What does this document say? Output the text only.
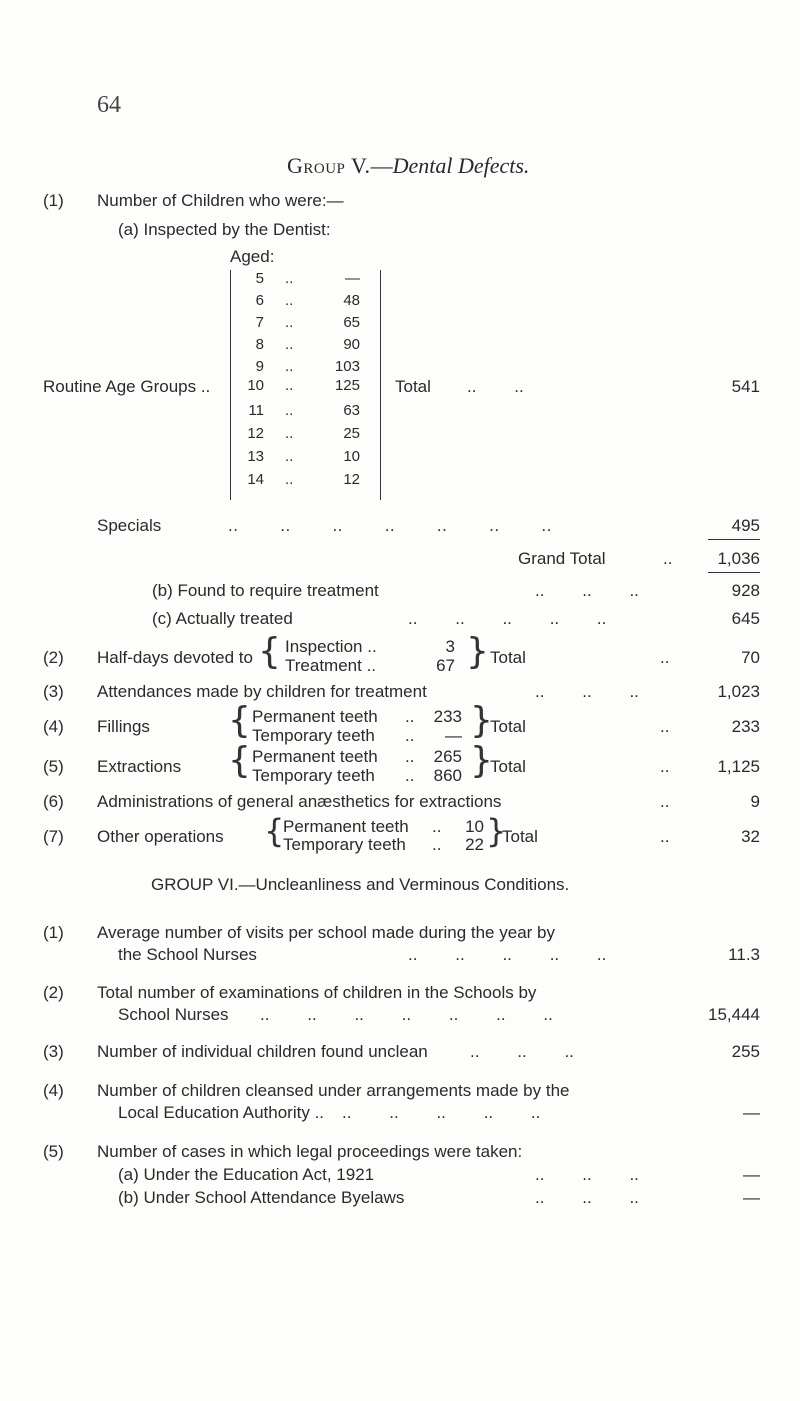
64
Group V.—Dental Defects.
(1) Number of Children who were:—
(a) Inspected by the Dentist:
Aged:
Routine Age Groups ..
5 ..	—
6 ..	48
7 ..	65
8 ..	90
9 ..	103
10 ..	125
11 ..	63
12 ..	25
13 ..	10
14 ..	12
Total ..        ..	541
Specials	..        ..        ..        ..        ..        ..        ..	495
Grand Total	..	1,036
(b) Found to require treatment	..        ..        ..	928
(c) Actually treated	..        ..        ..        ..        ..	645
(2) Half-days devoted to { Inspection ..	3
Treatment ..	67 } Total	..	70
(3) Attendances made by children for treatment	..        ..        ..	1,023
(4) Fillings { Permanent teeth ..	233
Temporary teeth ..	— }
Total	..	233
(5) Extractions { Permanent teeth ..	265
Temporary teeth ..	860 }
Total	..	1,125
(6) Administrations of general anæsthetics for extractions	..	9
(7) Other operations {
Permanent teeth ..	10
Temporary teeth ..	22 }
Total	..	32
GROUP VI.—Uncleanliness and Verminous Conditions.
(1) Average number of visits per school made during the year by
the School Nurses	..        ..        ..        ..        ..	11.3
(2) Total number of examinations of children in the Schools by
School Nurses ..        ..        ..        ..        ..        ..        ..	15,444
(3) Number of individual children found unclean ..        ..        ..	255
(4) Number of children cleansed under arrangements made by the
Local Education Authority .. ..        ..        ..        ..        ..	—
(5) Number of cases in which legal proceedings were taken:
(a) Under the Education Act, 1921	..        ..        ..	—
(b) Under School Attendance Byelaws	..        ..        ..	—
